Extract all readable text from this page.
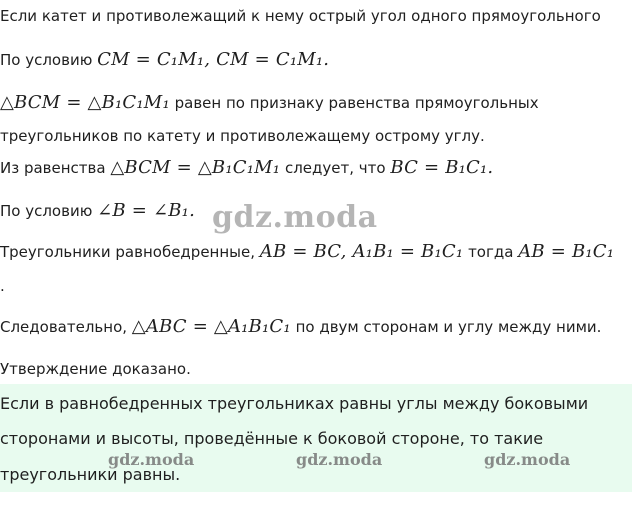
Если катет и противолежащий к нему острый угол одного прямоугольного
По условию CM = C₁M₁, CM = C₁M₁.
△BCM = △B₁C₁M₁ равен по признаку равенства прямоугольных
треугольников по катету и противолежащему острому углу.
Из равенства △BCM = △B₁C₁M₁ следует, что BC = B₁C₁.
По условию ∠B = ∠B₁.
Треугольники равнобедренные, AB = BC, A₁B₁ = B₁C₁ тогда AB = B₁C₁
.
Следовательно, △ABC = △A₁B₁C₁ по двум сторонам и углу между ними.
Утверждение доказано.
gdz.moda
Если в равнобедренных треугольниках равны углы между боковыми
сторонами и высоты, проведённые к боковой стороне, то такие
треугольники равны.
gdz.moda	gdz.moda	gdz.moda
